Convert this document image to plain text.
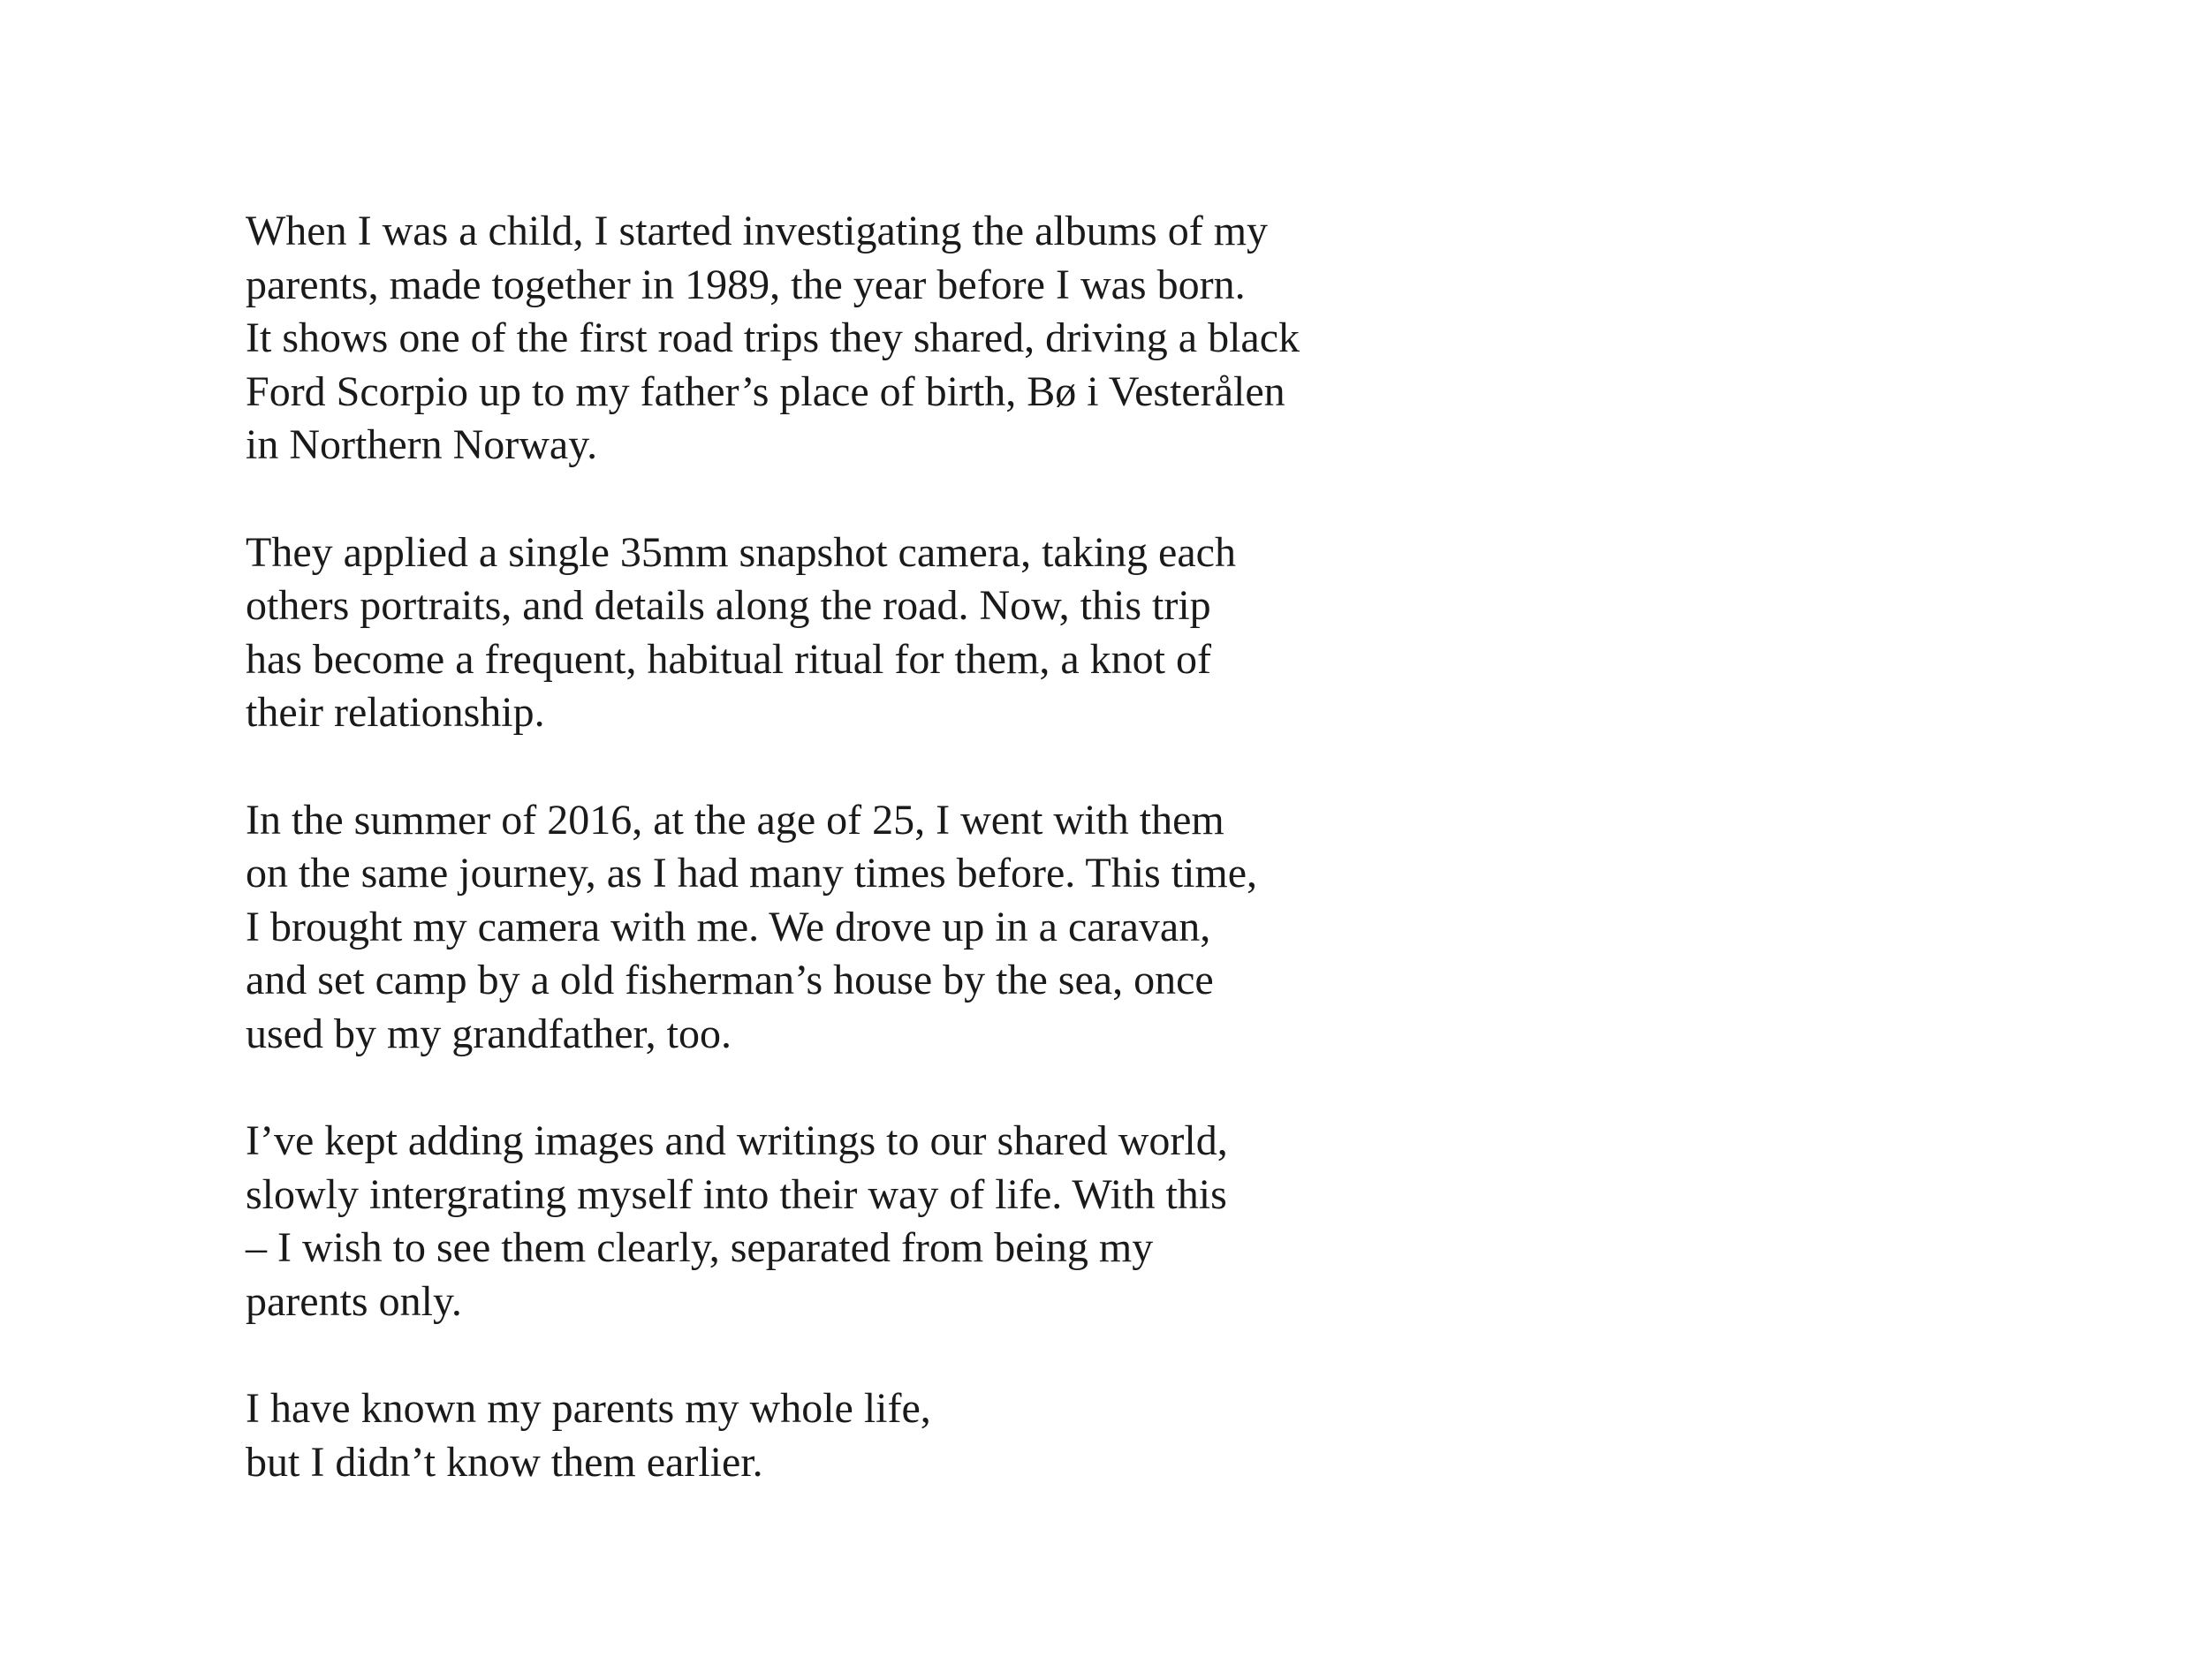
When I was a child, I started investigating the albums of my
parents, made together in 1989, the year before I was born.
It shows one of the first road trips they shared, driving a black
Ford Scorpio up to my father’s place of birth, Bø i Vesterålen
in Northern Norway.

They applied a single 35mm snapshot camera, taking each
others portraits, and details along the road. Now, this trip
has become a frequent, habitual ritual for them, a knot of
their relationship.

In the summer of 2016, at the age of 25, I went with them
on the same journey, as I had many times before. This time,
I brought my camera with me. We drove up in a caravan,
and set camp by a old fisherman’s house by the sea, once
used by my grandfather, too.

I’ve kept adding images and writings to our shared world,
slowly intergrating myself into their way of life. With this
– I wish to see them clearly, separated from being my
parents only.

I have known my parents my whole life,
but I didn’t know them earlier.
